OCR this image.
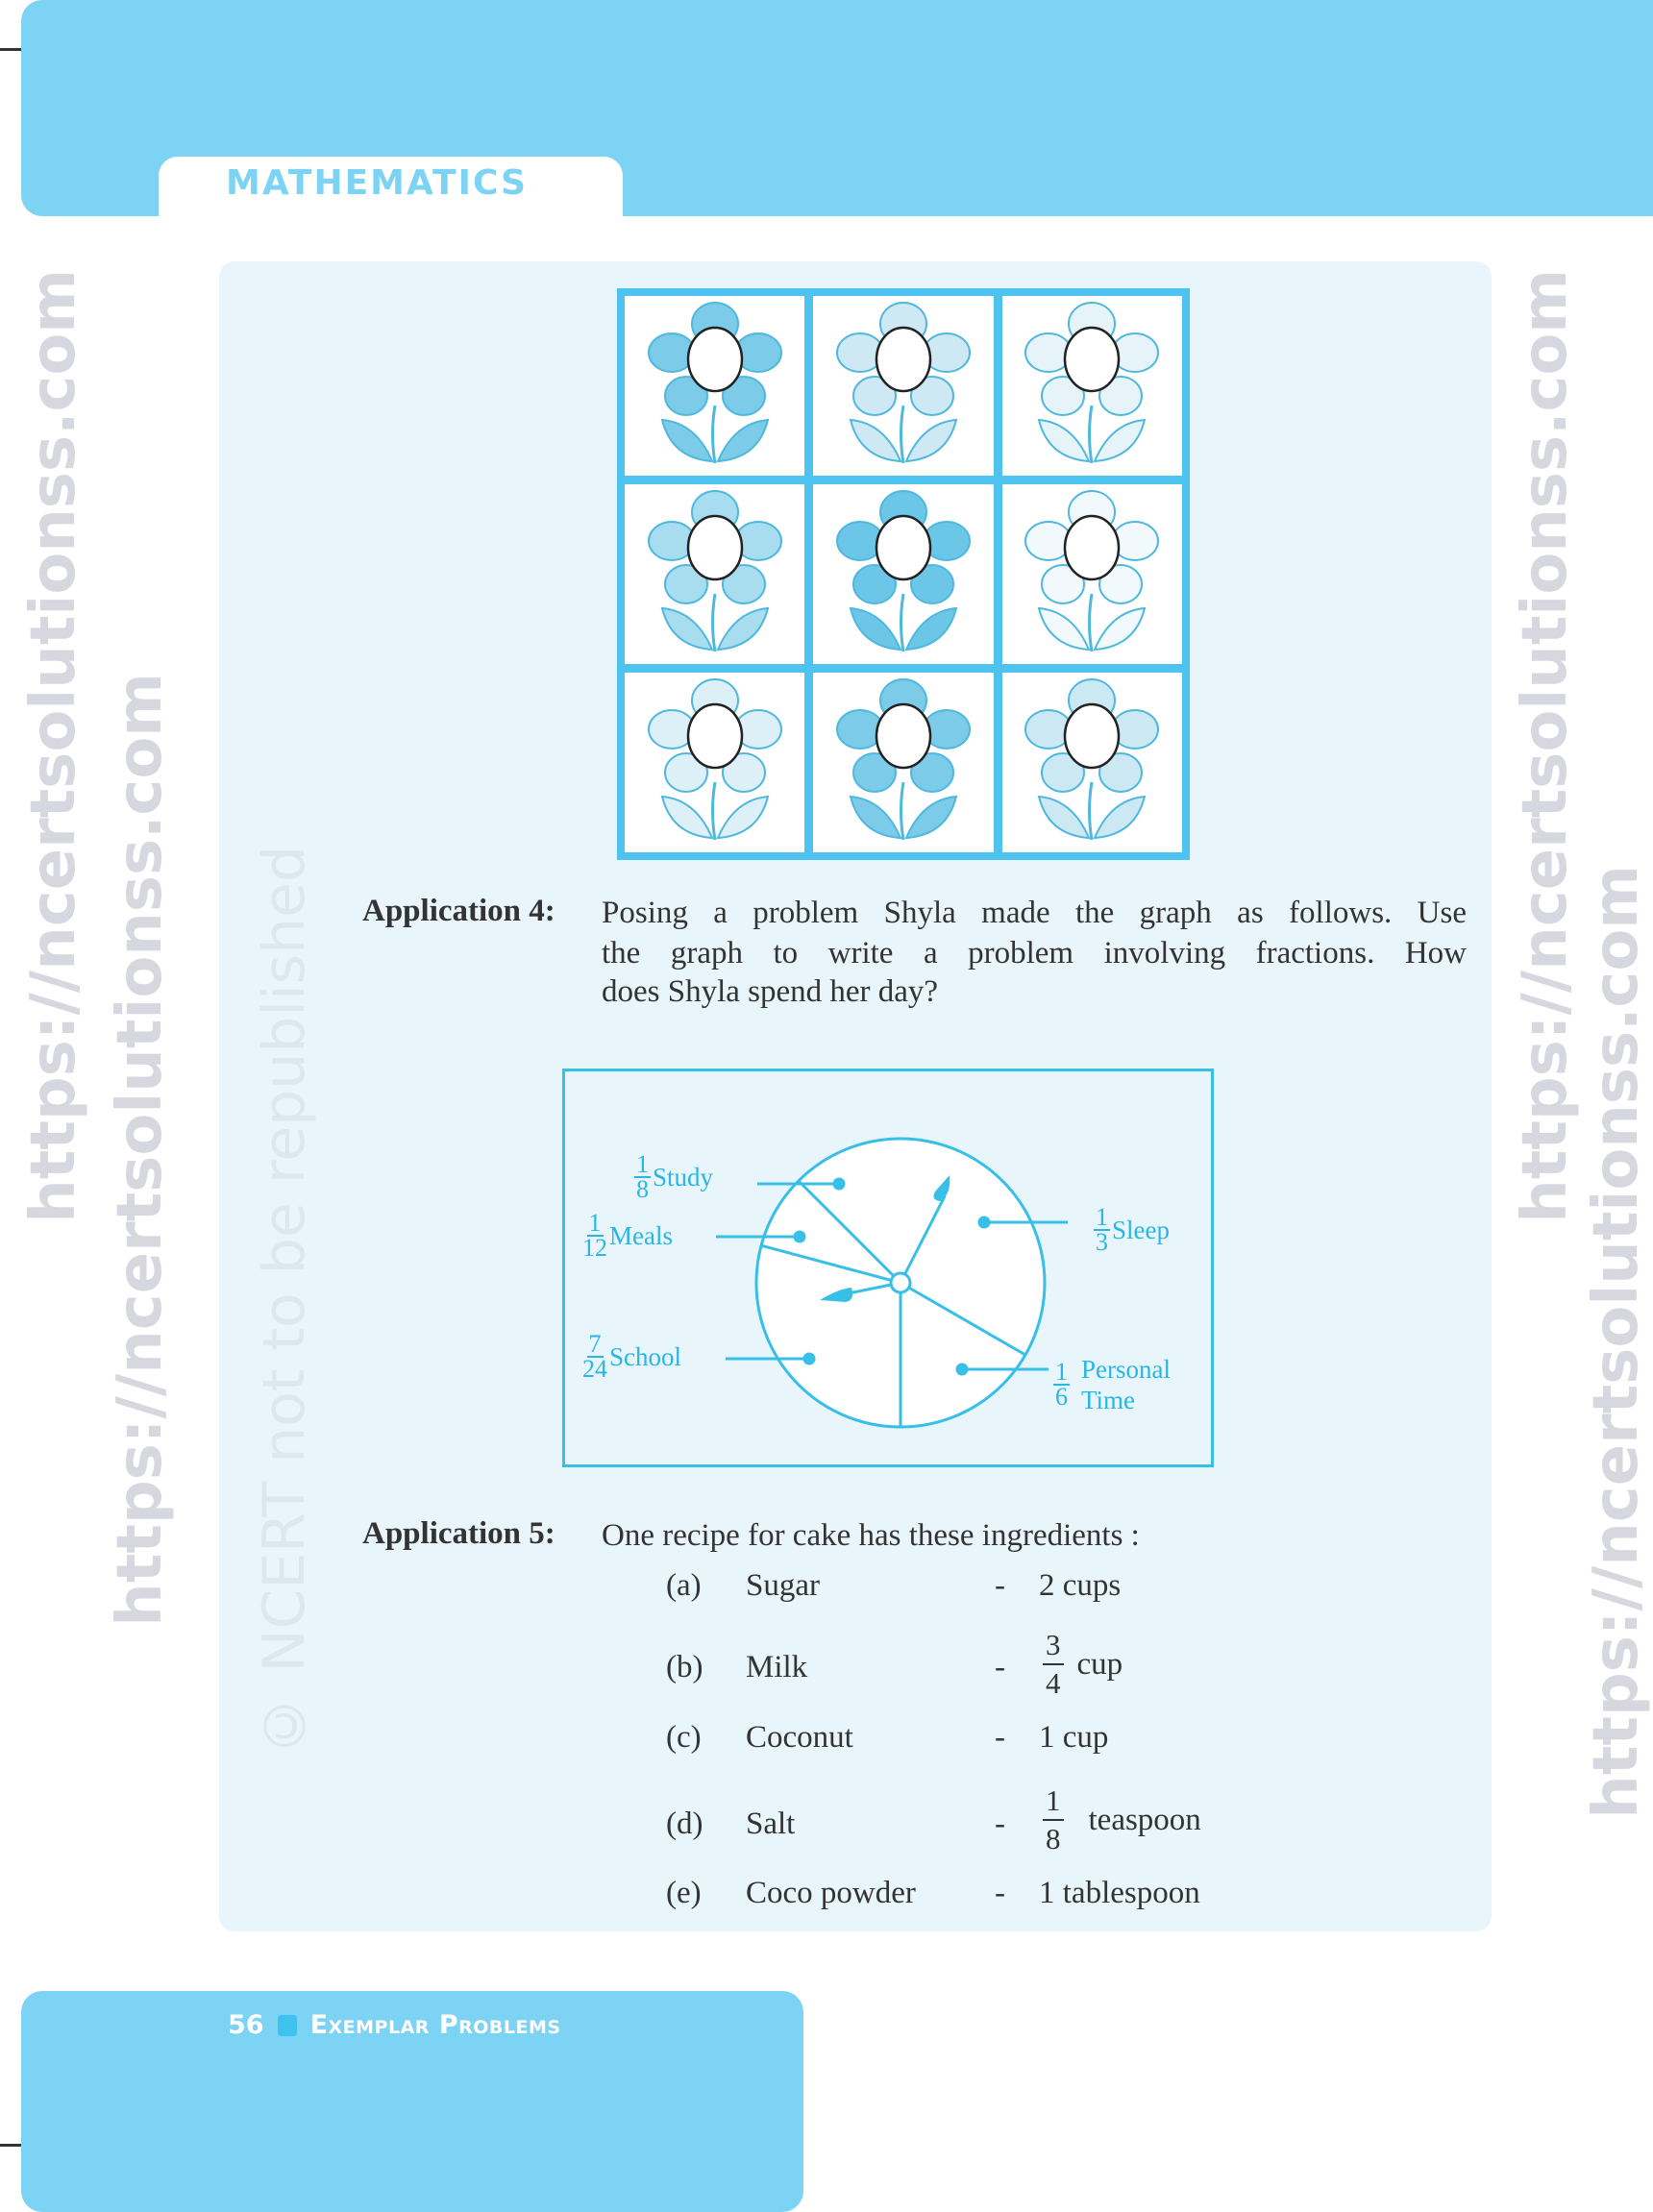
MATHEMATICS
Application 4: Posing a problem Shyla made the graph as follows. Use
the graph to write a problem involving fractions. How
does Shyla spend her day?
$\frac{1}{8}$ Study
$\frac{1}{12}$ Meals
$\frac{7}{24}$ School
$\frac{1}{3}$ Sleep
$\frac{1}{6}$ Personal
Time
Application 5: One recipe for cake has these ingredients :
(a) Sugar	- 2 cups
(b) Milk	- $\frac{3}{4}$ cup
(c) Coconut	- 1 cup
(d) Salt	- $\frac{1}{8}$ teaspoon
(e) Coco powder - 1 tablespoon
56 Exemplar Problems
© NCERT not to be republished
https://ncertsolutionss.com https://ncertsolutionss.com	https://ncertsolutionss.com
https://ncertsolutionss.com
